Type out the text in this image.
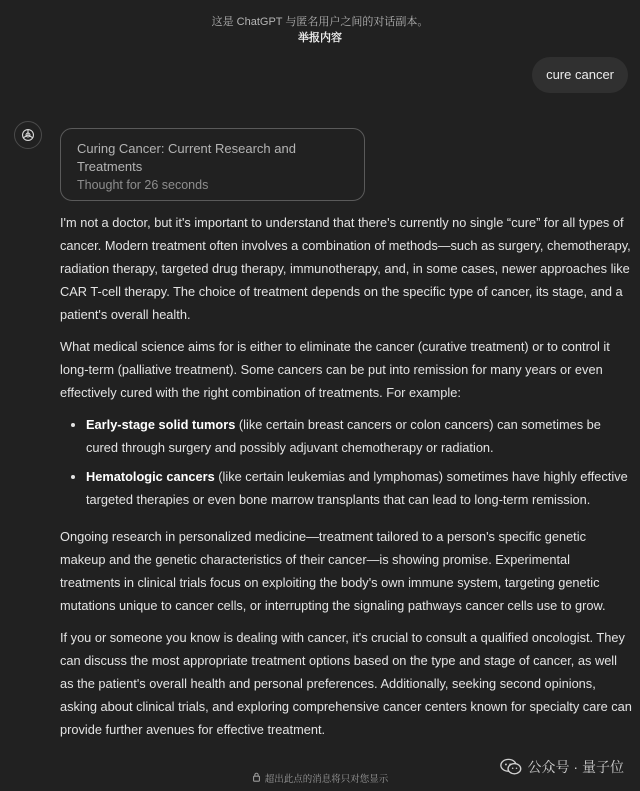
这是 ChatGPT 与匿名用户之间的对话副本。
举报内容
cure cancer
Curing Cancer: Current Research and Treatments
Thought for 26 seconds

I'm not a doctor, but it's important to understand that there's currently no single “cure” for all types of cancer. Modern treatment often involves a combination of methods—such as surgery, chemotherapy, radiation therapy, targeted drug therapy, immunotherapy, and, in some cases, newer approaches like CAR T-cell therapy. The choice of treatment depends on the specific type of cancer, its stage, and a patient's overall health.

What medical science aims for is either to eliminate the cancer (curative treatment) or to control it long-term (palliative treatment). Some cancers can be put into remission for many years or even effectively cured with the right combination of treatments. For example:

• Early-stage solid tumors (like certain breast cancers or colon cancers) can sometimes be cured through surgery and possibly adjuvant chemotherapy or radiation.
• Hematologic cancers (like certain leukemias and lymphomas) sometimes have highly effective targeted therapies or even bone marrow transplants that can lead to long-term remission.

Ongoing research in personalized medicine—treatment tailored to a person's specific genetic makeup and the genetic characteristics of their cancer—is showing promise. Experimental treatments in clinical trials focus on exploiting the body's own immune system, targeting genetic mutations unique to cancer cells, or interrupting the signaling pathways cancer cells use to grow.

If you or someone you know is dealing with cancer, it's crucial to consult a qualified oncologist. They can discuss the most appropriate treatment options based on the type and stage of cancer, as well as the patient's overall health and personal preferences. Additionally, seeking second opinions, asking about clinical trials, and exploring comprehensive cancer centers known for specialty care can provide further avenues for effective treatment.

超出此点的消息将只对您显示
公众号 · 量子位
